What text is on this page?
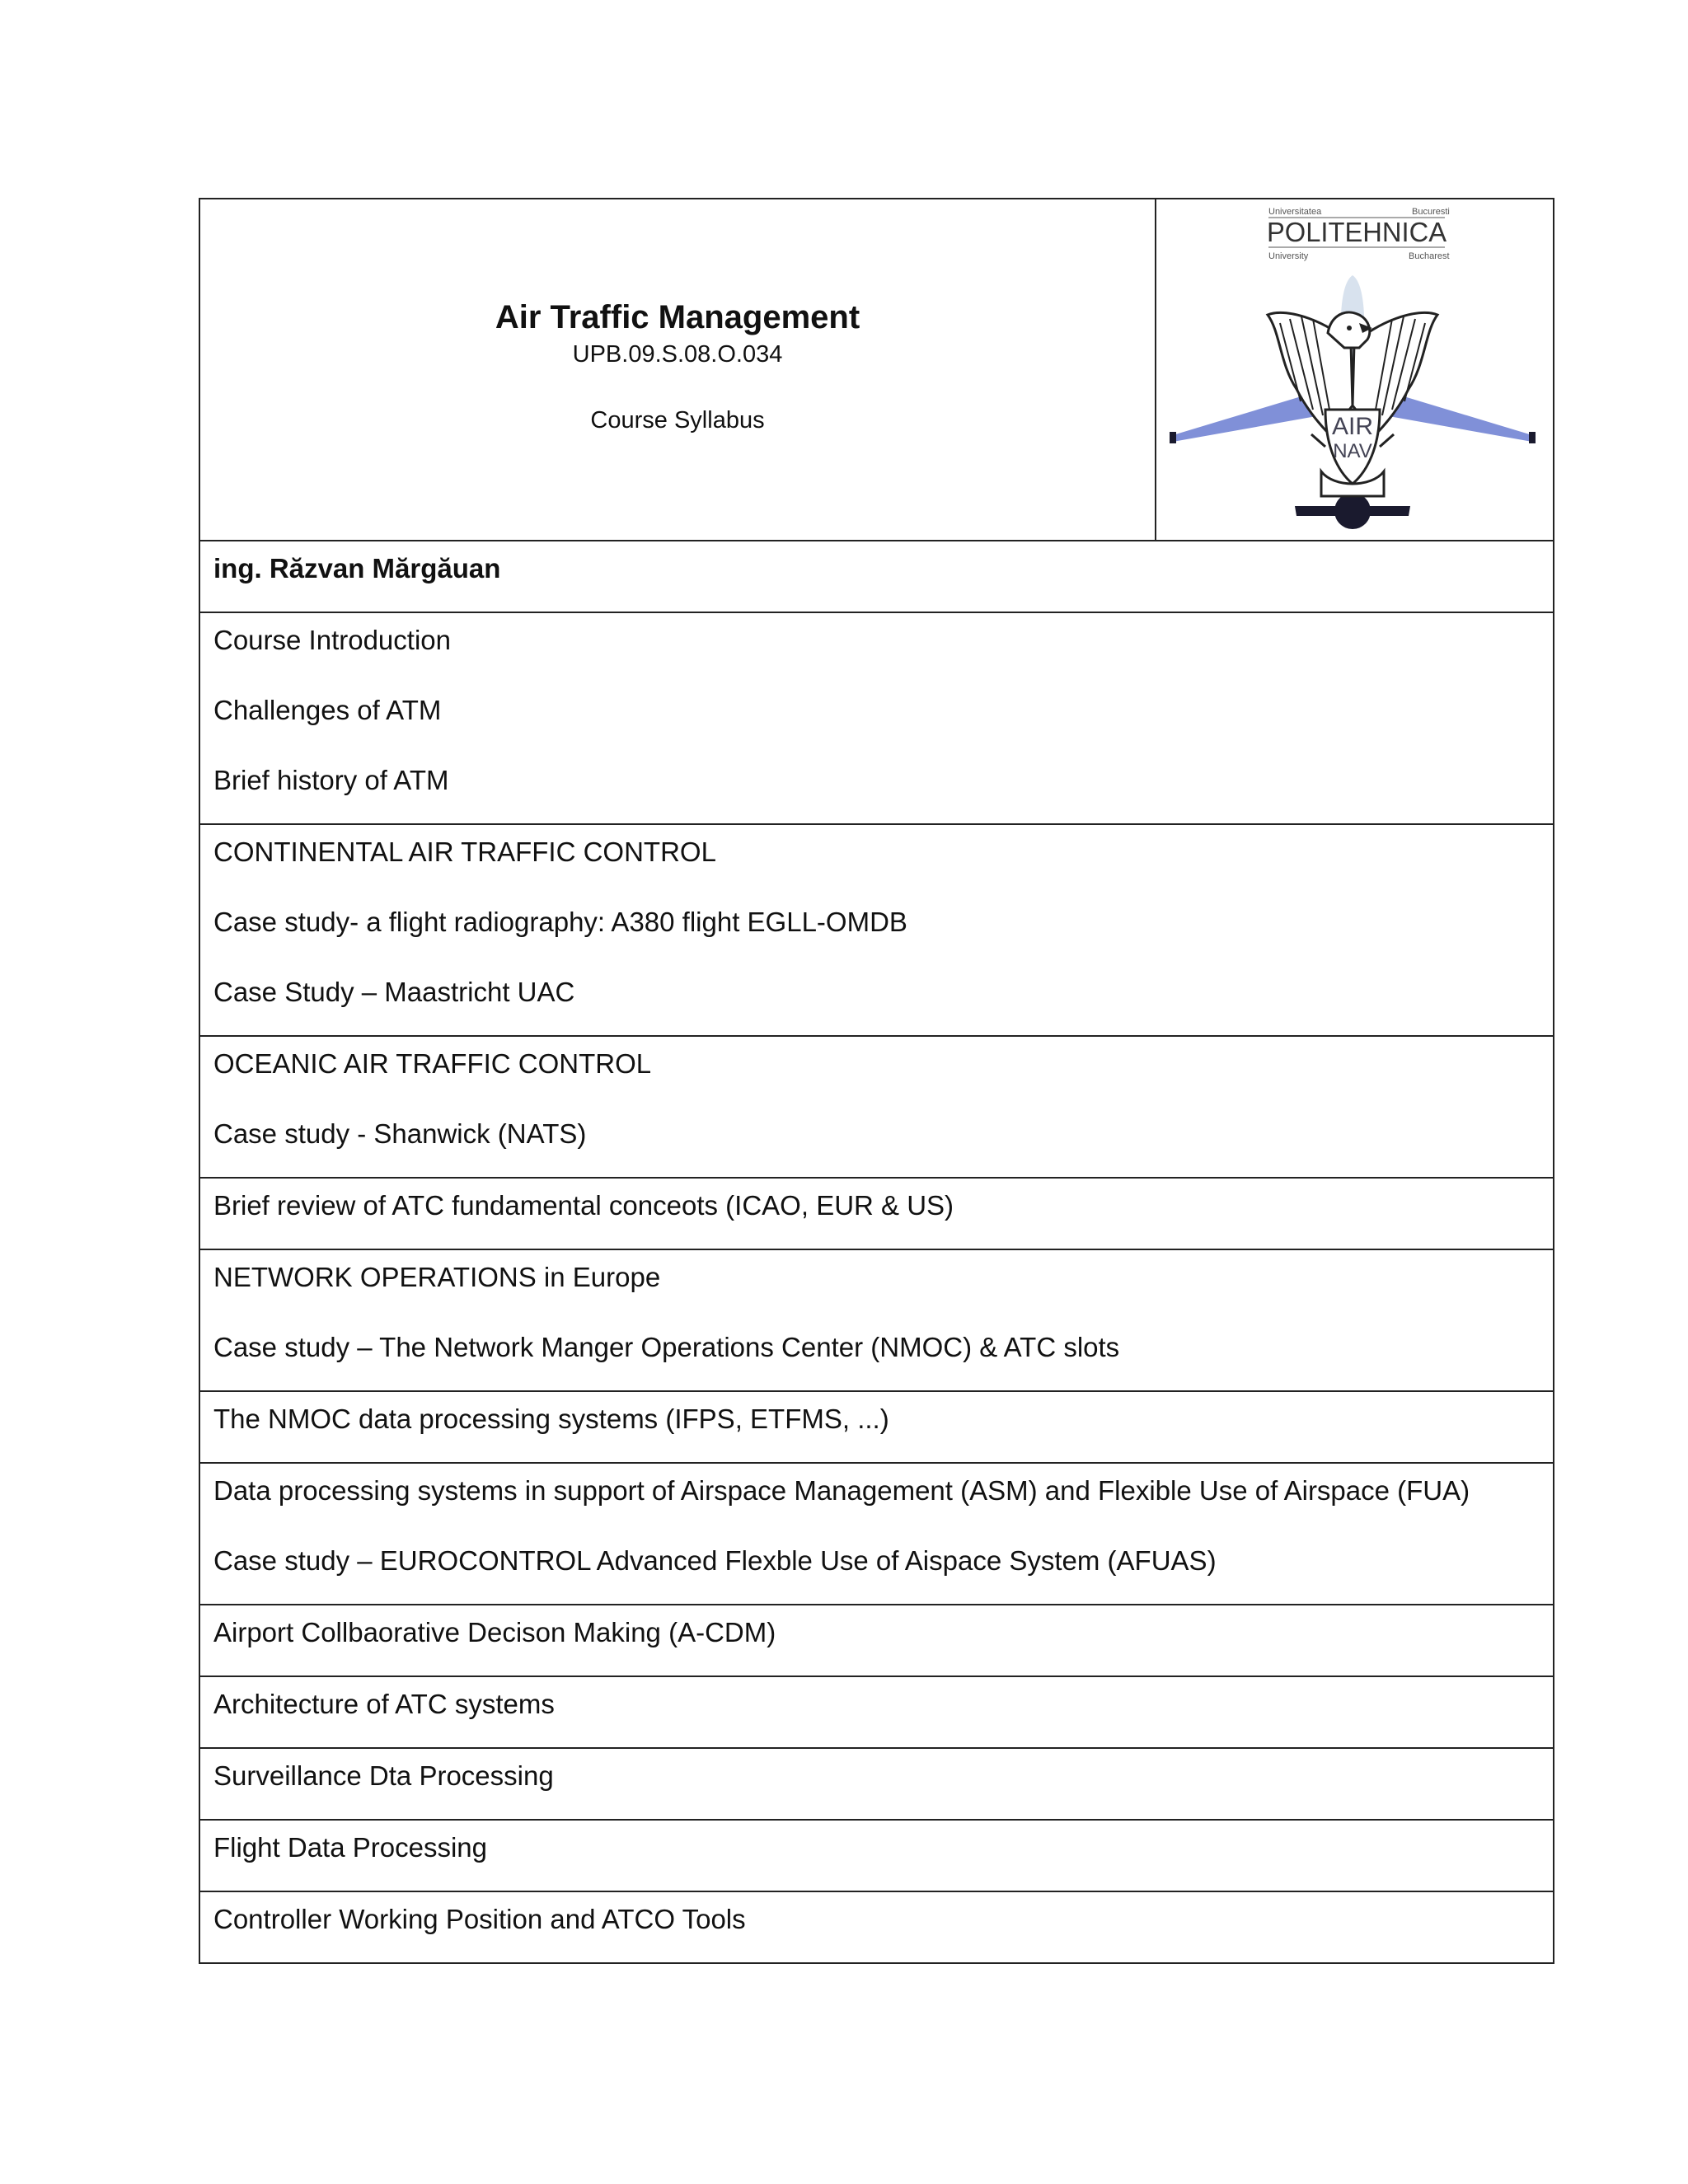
Air Traffic Management
UPB.09.S.08.O.034
Course Syllabus
Universitatea	Bucuresti
POLITEHNICA
University	Bucharest
AIR
NAV
ing. Răzvan Mărgăuan
Course Introduction
Challenges of ATM
Brief history of ATM
CONTINENTAL AIR TRAFFIC CONTROL
Case study- a flight radiography: A380 flight EGLL-OMDB
Case Study – Maastricht UAC
OCEANIC AIR TRAFFIC CONTROL
Case study - Shanwick (NATS)
Brief review of ATC fundamental conceots (ICAO, EUR & US)
NETWORK OPERATIONS in Europe
Case study – The Network Manger Operations Center (NMOC) & ATC slots
The NMOC data processing systems (IFPS, ETFMS, ...)
Data processing systems in support of Airspace Management (ASM) and Flexible Use of Airspace (FUA)
Case study – EUROCONTROL Advanced Flexble Use of Aispace System (AFUAS)
Airport Collbaorative Decison Making (A-CDM)
Architecture of ATC systems
Surveillance Dta Processing
Flight Data Processing
Controller Working Position and ATCO Tools
